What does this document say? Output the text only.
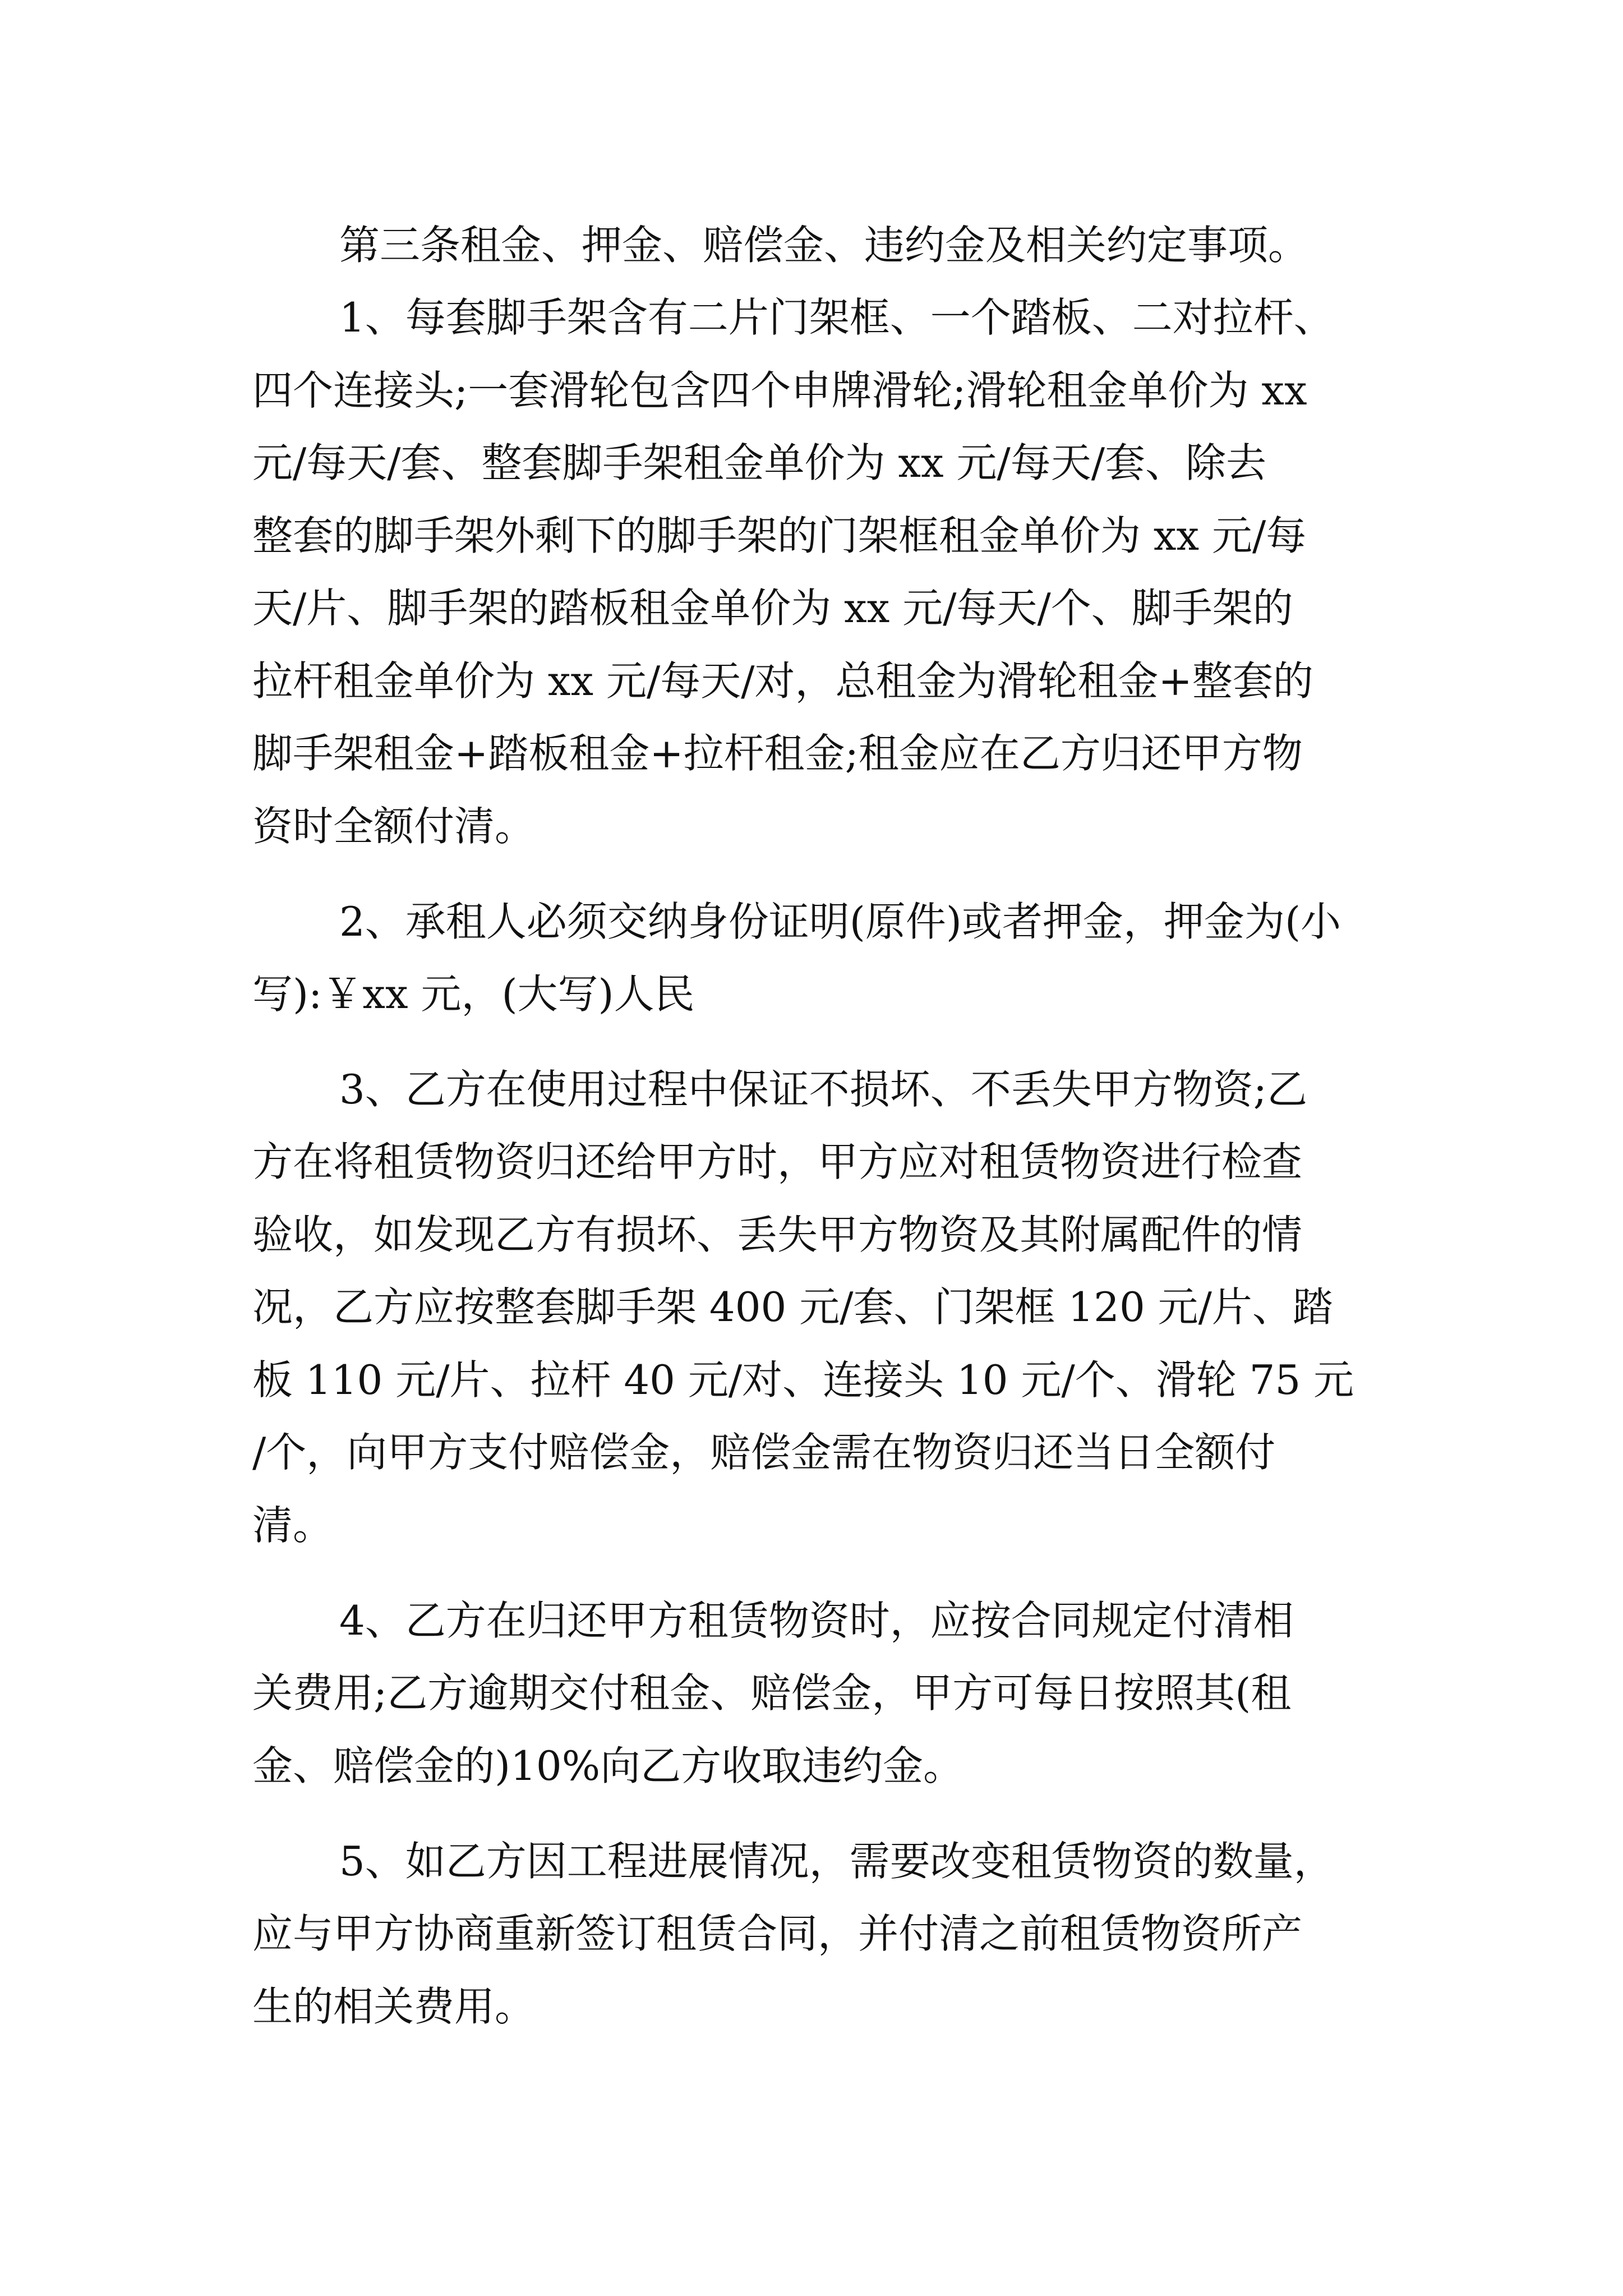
第三条租金、押金、赔偿金、违约金及相关约定事项。
1、每套脚手架含有二片门架框、一个踏板、二对拉杆、
四个连接头;一套滑轮包含四个申牌滑轮;滑轮租金单价为 xx
元/每天/套、整套脚手架租金单价为 xx 元/每天/套、除去
整套的脚手架外剩下的脚手架的门架框租金单价为 xx 元/每
天/片、脚手架的踏板租金单价为 xx 元/每天/个、脚手架的
拉杆租金单价为 xx 元/每天/对，总租金为滑轮租金+整套的
脚手架租金+踏板租金+拉杆租金;租金应在乙方归还甲方物
资时全额付清。
2、承租人必须交纳身份证明(原件)或者押金，押金为(小
写):￥xx 元，(大写)人民
3、乙方在使用过程中保证不损坏、不丢失甲方物资;乙
方在将租赁物资归还给甲方时，甲方应对租赁物资进行检查
验收，如发现乙方有损坏、丢失甲方物资及其附属配件的情
况，乙方应按整套脚手架 400 元/套、门架框 120 元/片、踏
板 110 元/片、拉杆 40 元/对、连接头 10 元/个、滑轮 75 元
/个，向甲方支付赔偿金，赔偿金需在物资归还当日全额付
清。
4、乙方在归还甲方租赁物资时，应按合同规定付清相
关费用;乙方逾期交付租金、赔偿金，甲方可每日按照其(租
金、赔偿金的)10%向乙方收取违约金。
5、如乙方因工程进展情况，需要改变租赁物资的数量，
应与甲方协商重新签订租赁合同，并付清之前租赁物资所产
生的相关费用。
